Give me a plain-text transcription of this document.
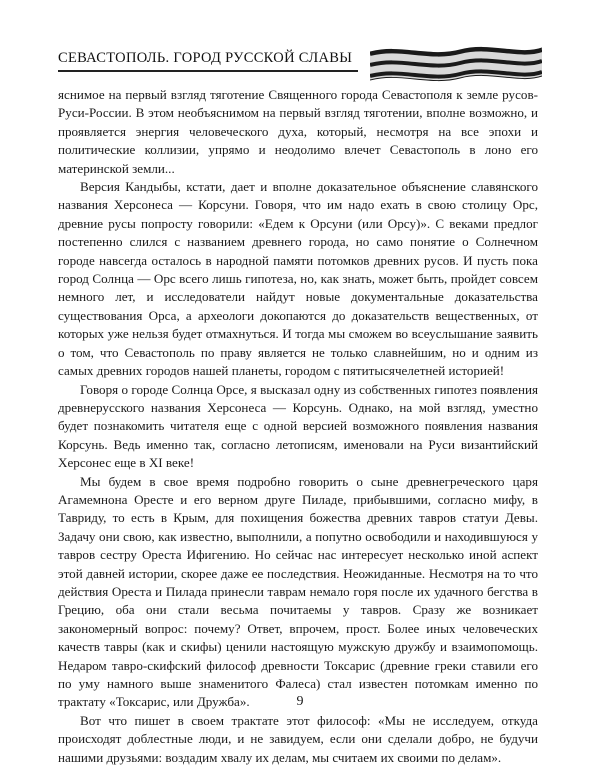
СЕВАСТОПОЛЬ. ГОРОД РУССКОЙ СЛАВЫ

яснимое на первый взгляд тяготение Священного города Севастополя к земле русов-Руси-России. В этом необъяснимом на первый взгляд тяготении, вполне возможно, и проявляется энергия человеческого духа, который, несмотря на все эпохи и политические коллизии, упрямо и неодолимо влечет Севастополь в лоно его материнской земли...

Версия Кандыбы, кстати, дает и вполне доказательное объяснение славянского названия Херсонеса — Корсуни. Говоря, что им надо ехать в свою столицу Орс, древние русы попросту говорили: «Едем к Орсуни (или Орсу)». С веками предлог постепенно слился с названием древнего города, но само понятие о Солнечном городе навсегда осталось в народной памяти потомков древних русов. И пусть пока город Солнца — Орс всего лишь гипотеза, но, как знать, может быть, пройдет совсем немного лет, и исследователи найдут новые документальные доказательства существования Орса, а археологи докопаются до доказательств вещественных, от которых уже нельзя будет отмахнуться. И тогда мы сможем во всеуслышание заявить о том, что Севастополь по праву является не только славнейшим, но и одним из самых древних городов нашей планеты, городом с пятитысячелетней историей!

Говоря о городе Солнца Орсе, я высказал одну из собственных гипотез появления древнерусского названия Херсонеса — Корсунь. Однако, на мой взгляд, уместно будет познакомить читателя еще с одной версией возможного появления названия Корсунь. Ведь именно так, согласно летописям, именовали на Руси византийский Херсонес еще в XI веке!

Мы будем в свое время подробно говорить о сыне древнегреческого царя Агамемнона Оресте и его верном друге Пиладе, прибывшими, согласно мифу, в Тавриду, то есть в Крым, для похищения божества древних тавров статуи Девы. Задачу они свою, как известно, выполнили, а попутно освободили и находившуюся у тавров сестру Ореста Ифигению. Но сейчас нас интересует несколько иной аспект этой давней истории, скорее даже ее последствия. Неожиданные. Несмотря на то что действия Ореста и Пилада принесли таврам немало горя после их удачного бегства в Грецию, оба они стали весьма почитаемы у тавров. Сразу же возникает закономерный вопрос: почему? Ответ, впрочем, прост. Более иных человеческих качеств тавры (как и скифы) ценили настоящую мужскую дружбу и взаимопомощь. Недаром тавро-скифский философ древности Токсарис (древние греки ставили его по уму намного выше знаменитого Фалеса) стал известен потомкам именно по трактату «Токсарис, или Дружба».

Вот что пишет в своем трактате этот философ: «Мы не исследуем, откуда происходят доблестные люди, и не завидуем, если они сделали добро, не будучи нашими друзьями: воздадим хвалу их делам, мы считаем их своими по делам».

9
